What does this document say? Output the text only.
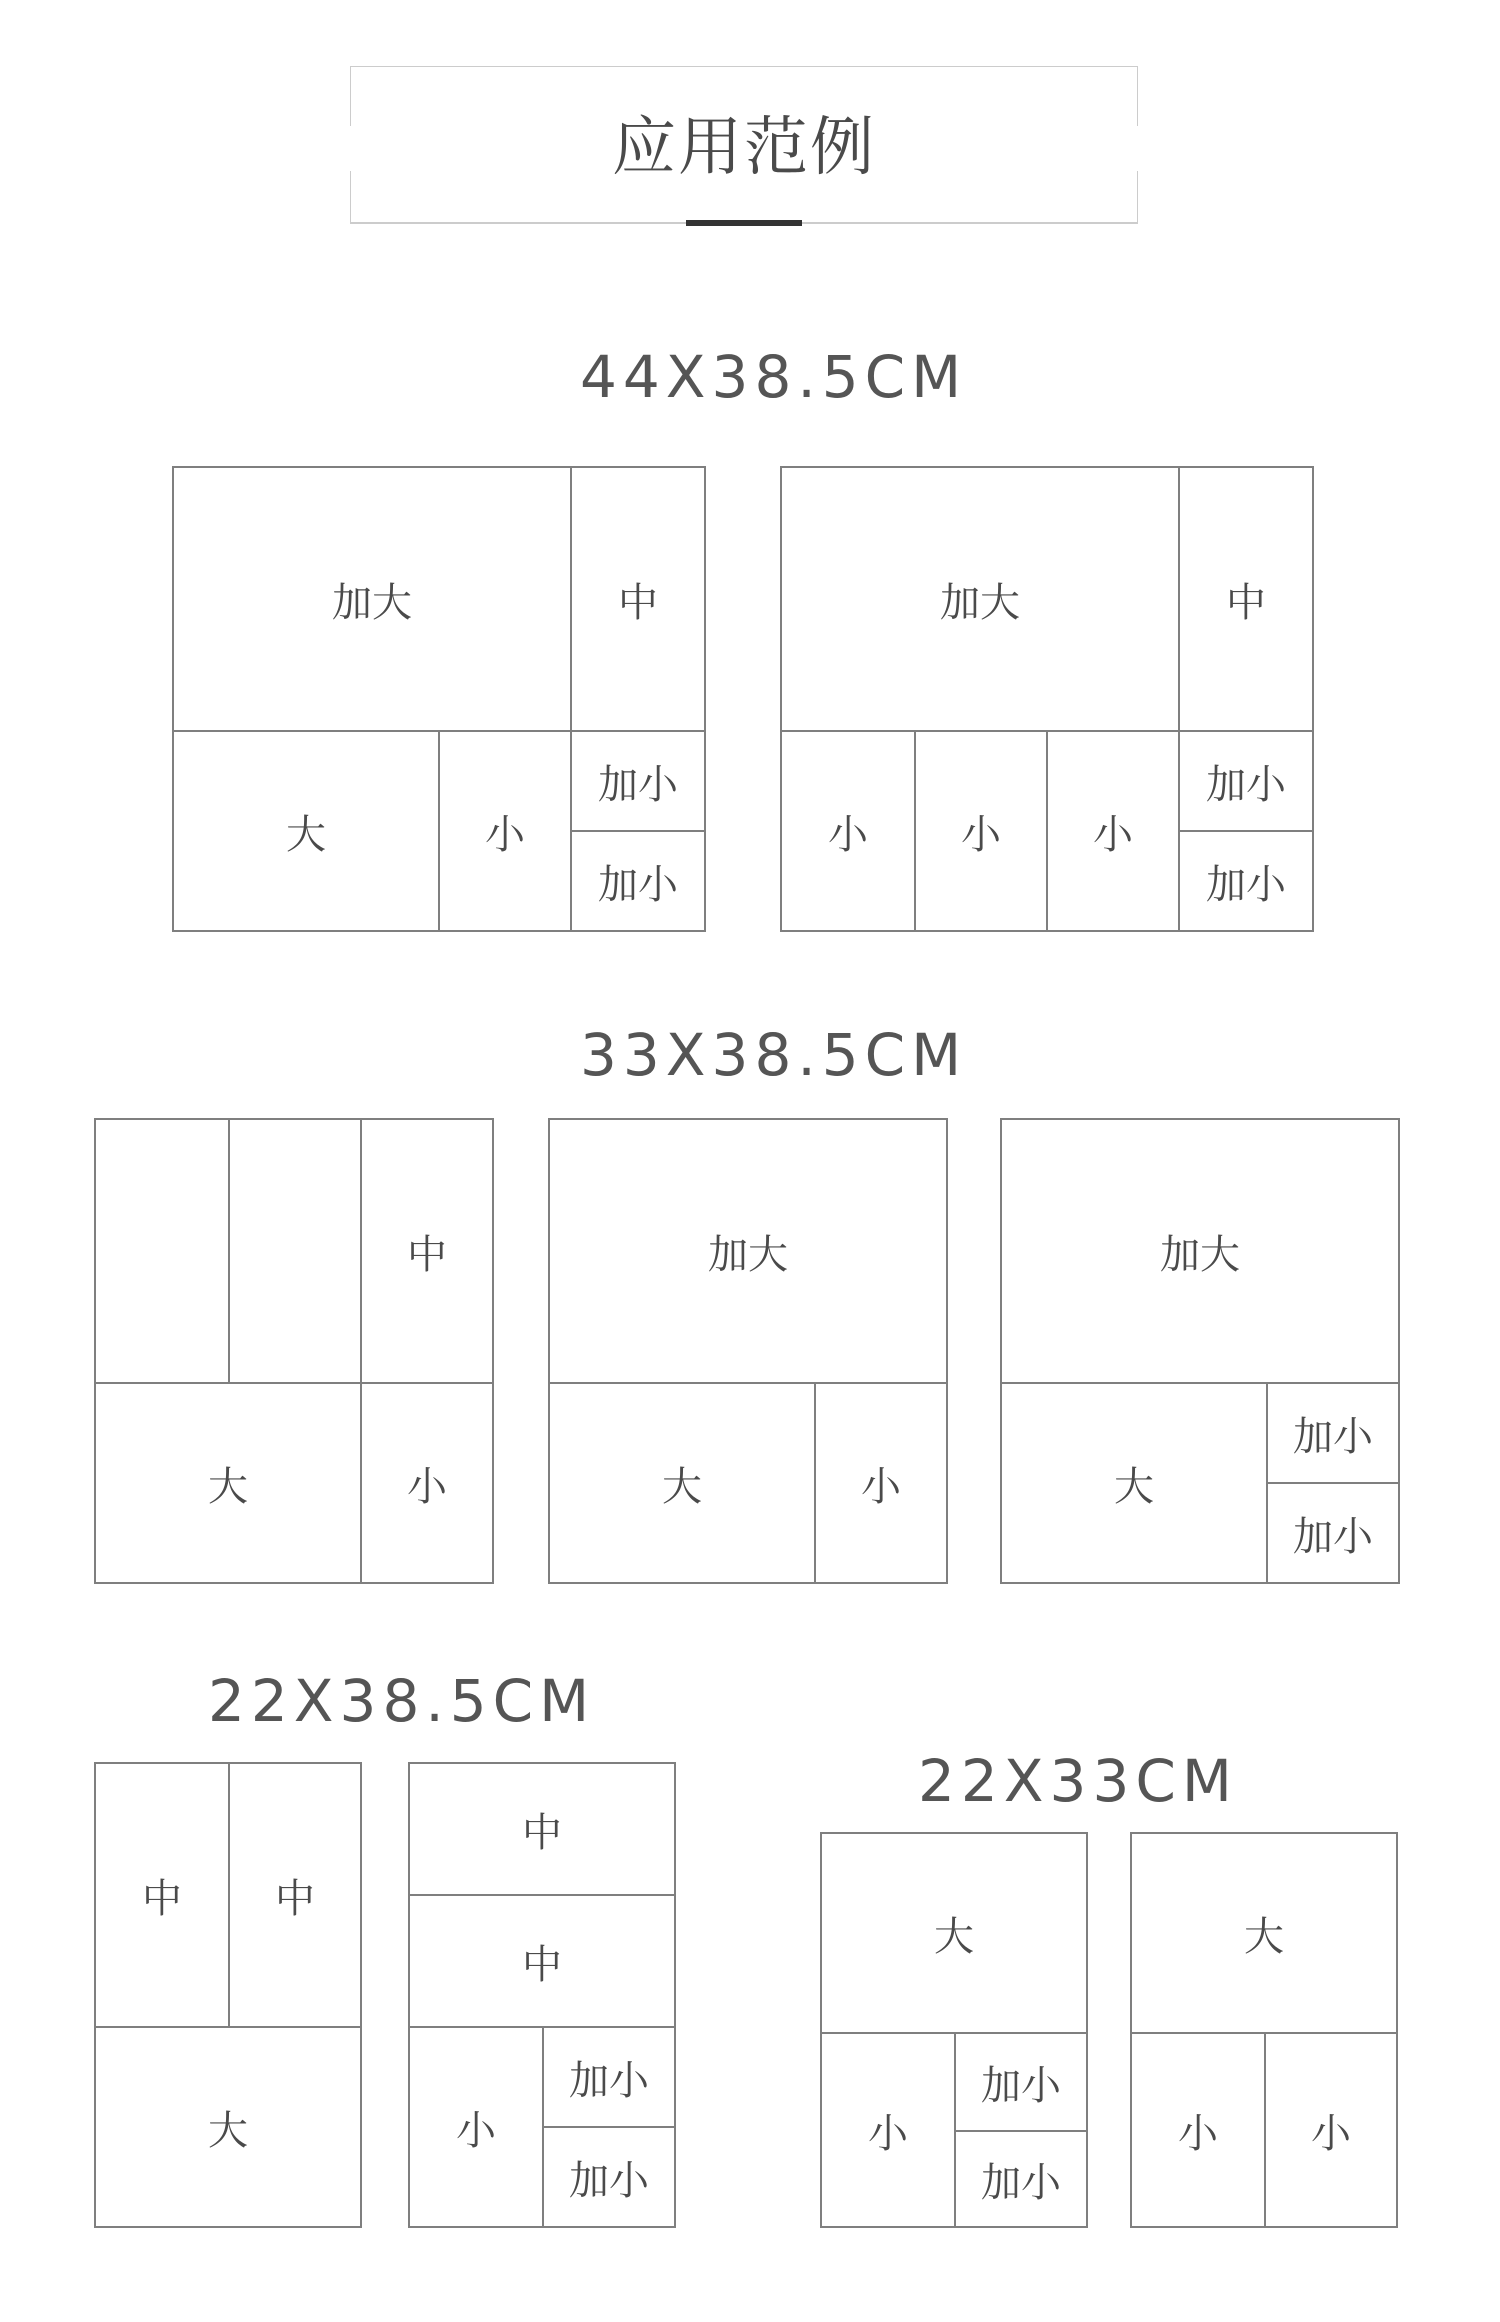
应用范例
44X38.5CM
加大	中
大	小
加小
加小
加大	中
小	小	小
加小
加小
33X38.5CM
中
大	小
加大
大	小
加大
大
加小
加小
22X38.5CM
中	中
大
中
中
小
加小
加小
22X33CM
大
小
加小
加小
大
小	小
